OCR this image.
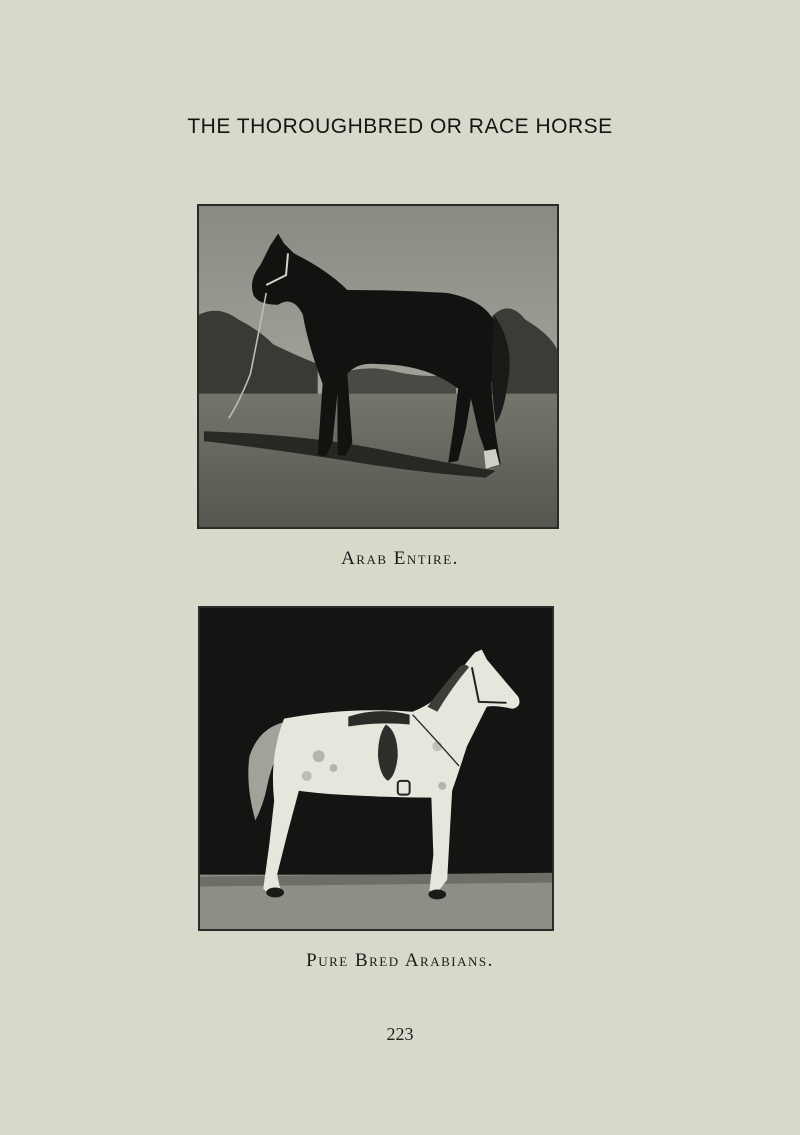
THE THOROUGHBRED OR RACE HORSE
Arab Entire.
Pure Bred Arabians.
223
